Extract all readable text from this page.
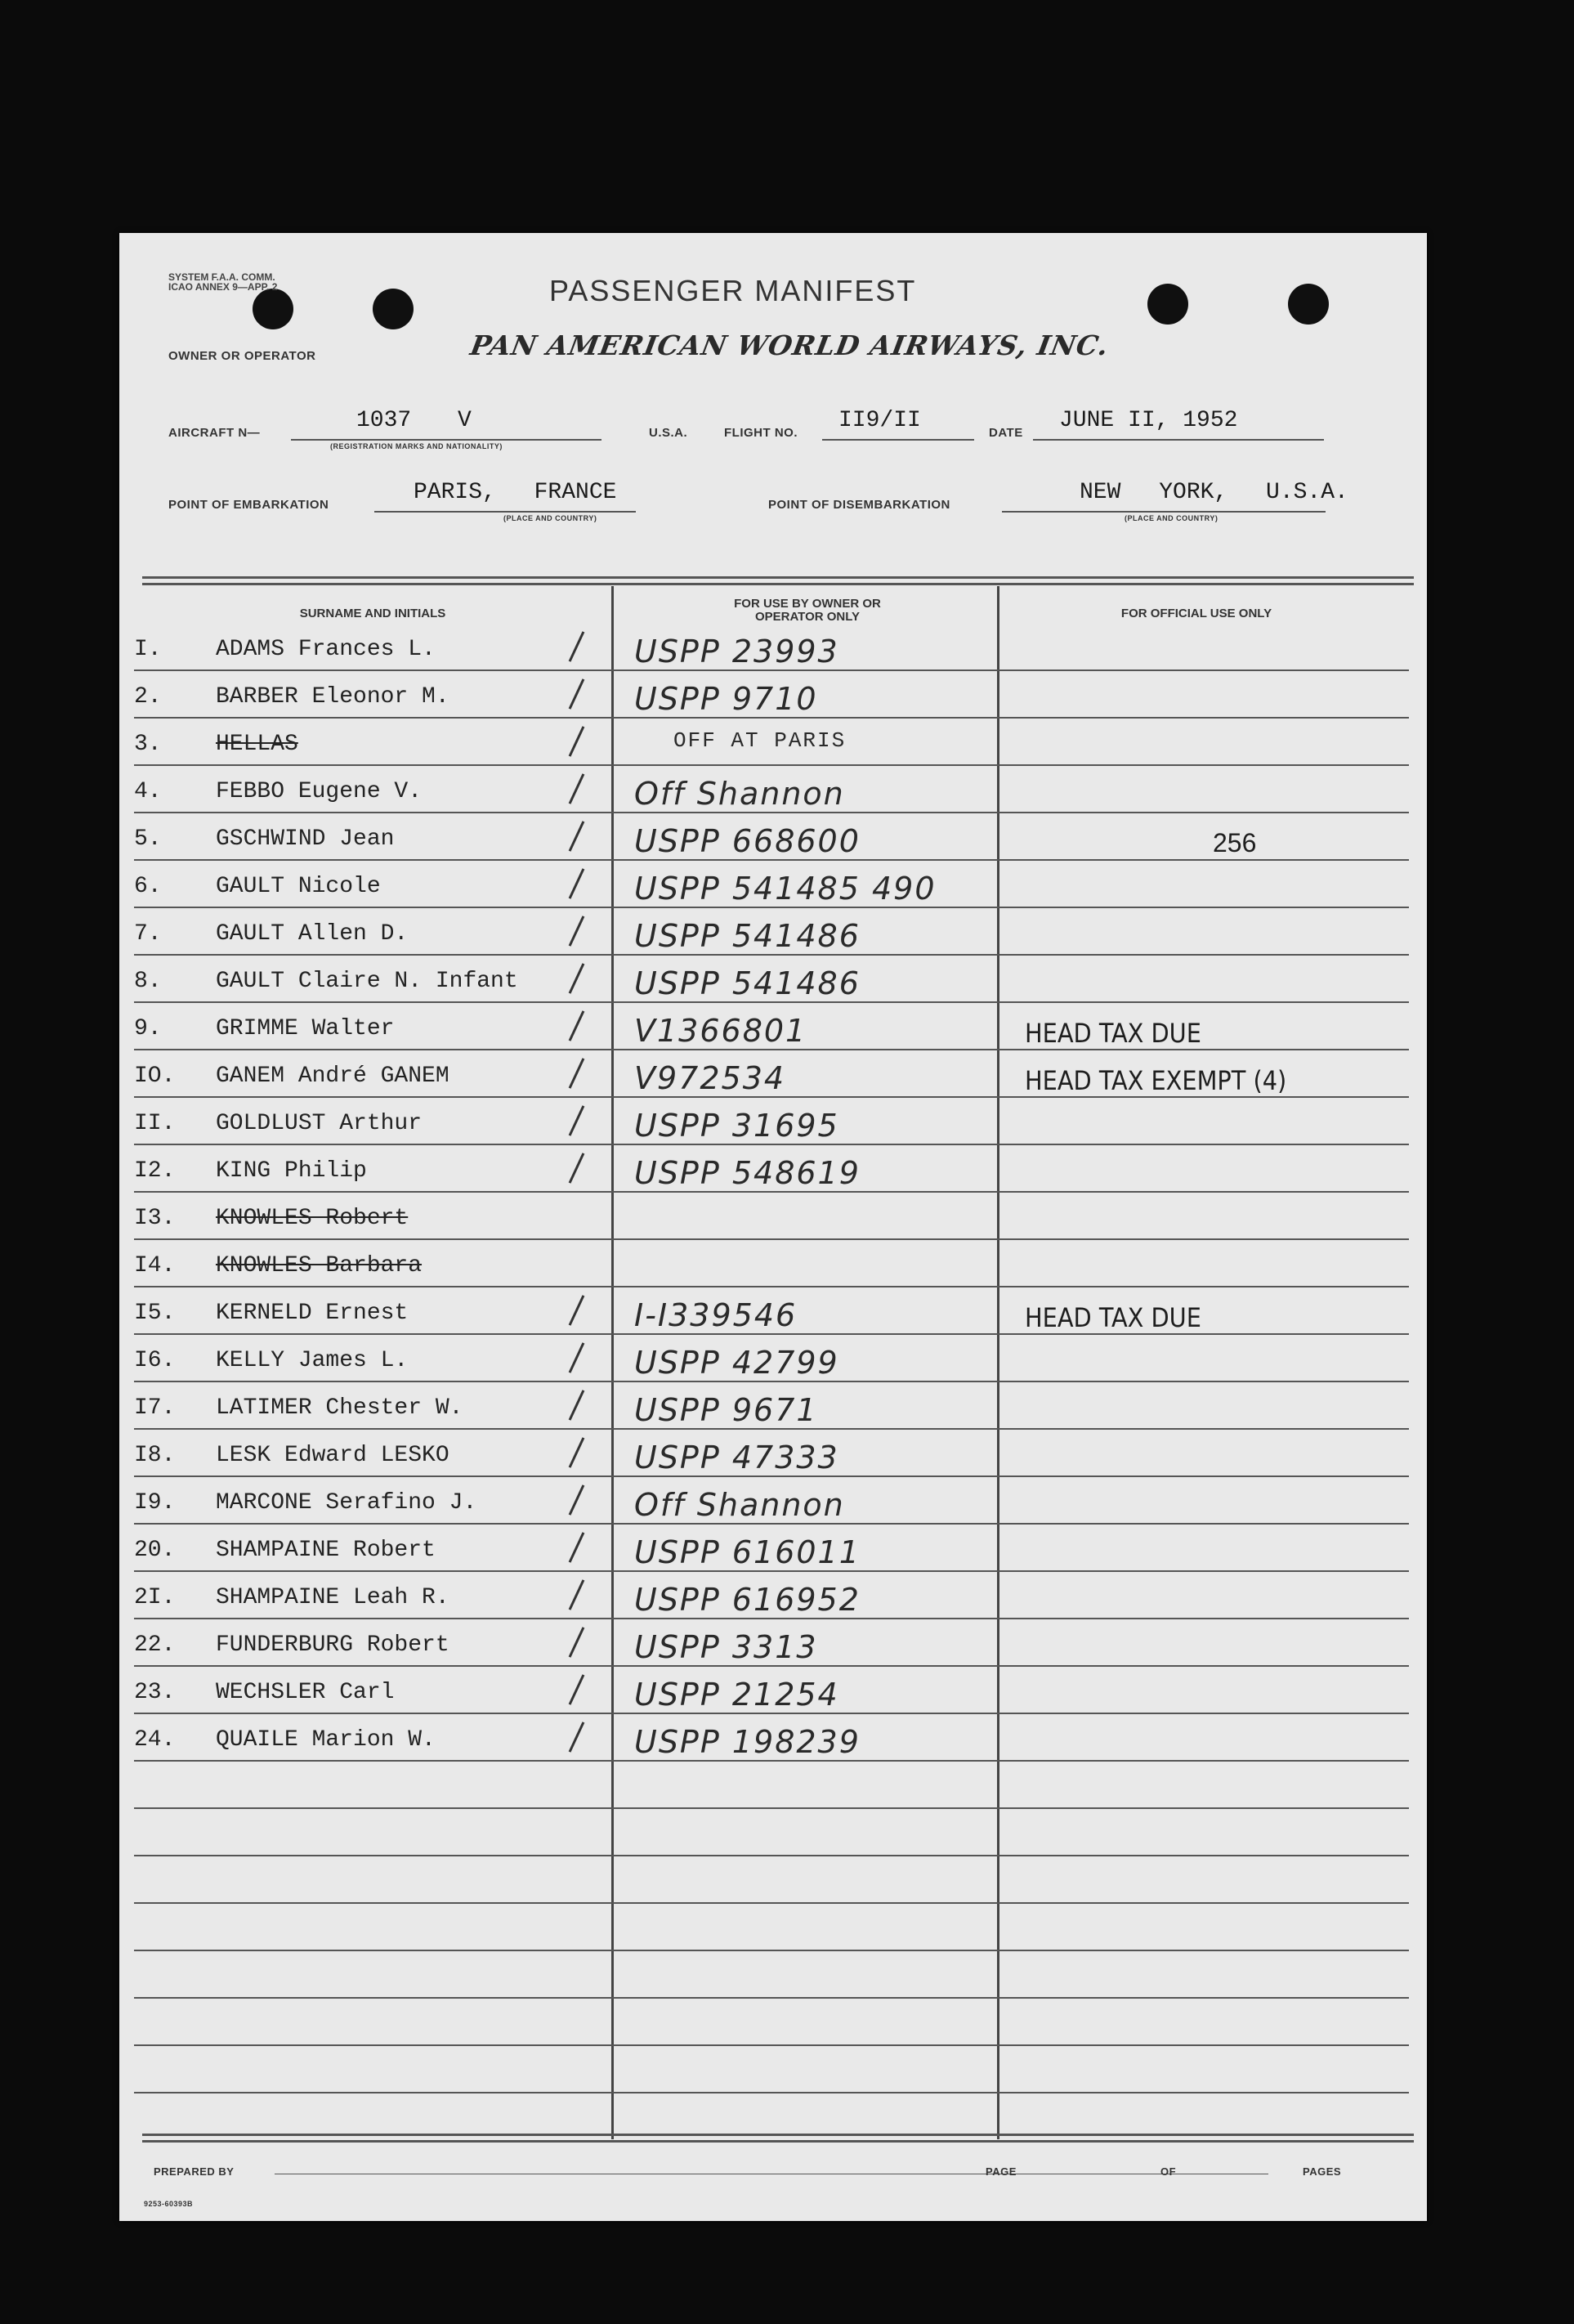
SYSTEM F.A.A. COMM.
ICAO ANNEX 9—APP. 2	PASSENGER MANIFEST
OWNER OR OPERATOR	PAN AMERICAN WORLD AIRWAYS, INC.
AIRCRAFT N—	1037 V
(REGISTRATION MARKS AND NATIONALITY)
U.S.A.	FLIGHT NO. II9/II	DATE JUNE II, 1952
POINT OF EMBARKATION	PARIS, FRANCE
(PLACE AND COUNTRY)
POINT OF DISEMBARKATION	NEW YORK, U.S.A.
(PLACE AND COUNTRY)
SURNAME AND INITIALS
FOR USE BY OWNER OR OPERATOR ONLY	FOR OFFICIAL USE ONLY
I. ADAMS Frances L.	USPP 23993
2. BARBER Eleonor M.	USPP 9710
3. HELLAS	OFF AT PARIS
4. FEBBO Eugene V.	Off Shannon
5. GSCHWIND Jean	USPP 668600	256
6. GAULT Nicole	USPP 541485 490
7. GAULT Allen D.	USPP 541486
8. GAULT Claire N. Infant	USPP 541486
9. GRIMME Walter	V1366801	HEAD TAX DUE
IO. GANEM André GANEM	V972534	HEAD TAX EXEMPT (4)
II. GOLDLUST Arthur	USPP 31695
I2. KING Philip	USPP 548619
I3. KNOWLES Robert
I4. KNOWLES Barbara
I5. KERNELD Ernest	I-I339546	HEAD TAX DUE
I6. KELLY James L.	USPP 42799
I7. LATIMER Chester W.	USPP 9671
I8. LESK Edward LESKO	USPP 47333
I9. MARCONE Serafino J.	Off Shannon
20. SHAMPAINE Robert	USPP 616011
2I. SHAMPAINE Leah R.	USPP 616952
22. FUNDERBURG Robert	USPP 3313
23. WECHSLER Carl	USPP 21254
24. QUAILE Marion W.	USPP 198239
PREPARED BY	PAGE	OF	PAGES
9253-60393B
